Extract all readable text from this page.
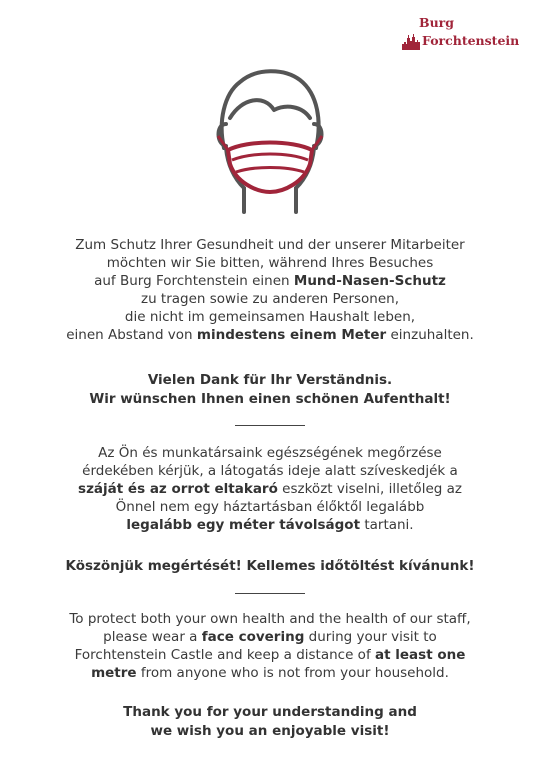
Burg
Forchtenstein
Zum Schutz Ihrer Gesundheit und der unserer Mitarbeiter
möchten wir Sie bitten, während Ihres Besuches
auf Burg Forchtenstein einen Mund-Nasen-Schutz
zu tragen sowie zu anderen Personen,
die nicht im gemeinsamen Haushalt leben,
einen Abstand von mindestens einem Meter einzuhalten.
Vielen Dank für Ihr Verständnis.
Wir wünschen Ihnen einen schönen Aufenthalt!
Az Ön és munkatársaink egészségének megőrzése
érdekében kérjük, a látogatás ideje alatt szíveskedjék a
száját és az orrot eltakaró eszközt viselni, illetőleg az
Önnel nem egy háztartásban élőktől legalább
legalább egy méter távolságot tartani.
Köszönjük megértését! Kellemes időtöltést kívánunk!
To protect both your own health and the health of our staff,
please wear a face covering during your visit to
Forchtenstein Castle and keep a distance of at least one
metre from anyone who is not from your household.
Thank you for your understanding and
we wish you an enjoyable visit!
